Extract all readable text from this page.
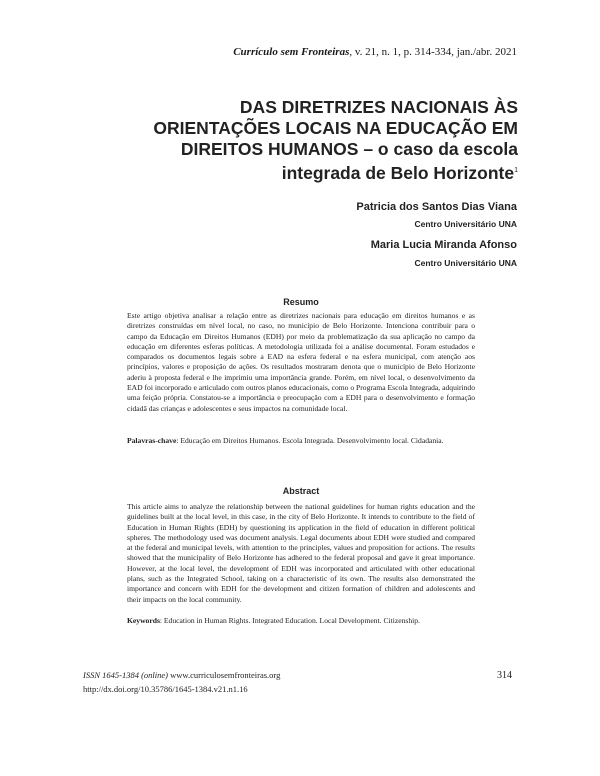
Currículo sem Fronteiras, v. 21, n. 1, p. 314-334, jan./abr. 2021
DAS DIRETRIZES NACIONAIS ÀS
ORIENTAÇÕES LOCAIS NA EDUCAÇÃO EM
DIREITOS HUMANOS – o caso da escola
integrada de Belo Horizonte$^1$
Patricia dos Santos Dias Viana
Centro Universitário UNA
Maria Lucia Miranda Afonso
Centro Universitário UNA
Resumo
Este artigo objetiva analisar a relação entre as diretrizes nacionais para educação em direitos humanos e as diretrizes construídas em nível local, no caso, no município de Belo Horizonte. Intenciona contribuir para o campo da Educação em Direitos Humanos (EDH) por meio da problematização da sua aplicação no campo da educação em diferentes esferas políticas. A metodologia utilizada foi a análise documental. Foram estudados e comparados os documentos legais sobre a EAD na esfera federal e na esfera municipal, com atenção aos princípios, valores e proposição de ações. Os resultados mostraram denota que o município de Belo Horizonte aderiu à proposta federal e lhe imprimiu uma importância grande. Porém, em nível local, o desenvolvimento da EAD foi incorporado e articulado com outros planos educacionais, como o Programa Escola Integrada, adquirindo uma feição própria. Constatou-se a importância e preocupação com a EDH para o desenvolvimento e formação cidadã das crianças e adolescentes e seus impactos na comunidade local.
Palavras-chave: Educação em Direitos Humanos. Escola Integrada. Desenvolvimento local. Cidadania.
Abstract
This article aims to analyze the relationship between the national guidelines for human rights education and the guidelines built at the local level, in this case, in the city of Belo Horizonte. It intends to contribute to the field of Education in Human Rights (EDH) by questioning its application in the field of education in different political spheres. The methodology used was document analysis. Legal documents about EDH were studied and compared at the federal and municipal levels, with attention to the principles, values and proposition for actions. The results showed that the municipality of Belo Horizonte has adhered to the federal proposal and gave it great importance. However, at the local level, the development of EDH was incorporated and articulated with other educational plans, such as the Integrated School, taking on a characteristic of its own. The results also demonstrated the importance and concern with EDH for the development and citizen formation of children and adolescents and their impacts on the local community.
Keywords: Education in Human Rights. Integrated Education. Local Development. Citizenship.
ISSN 1645-1384 (online) www.curriculosemfronteiras.org
http://dx.doi.org/10.35786/1645-1384.v21.n1.16
314
